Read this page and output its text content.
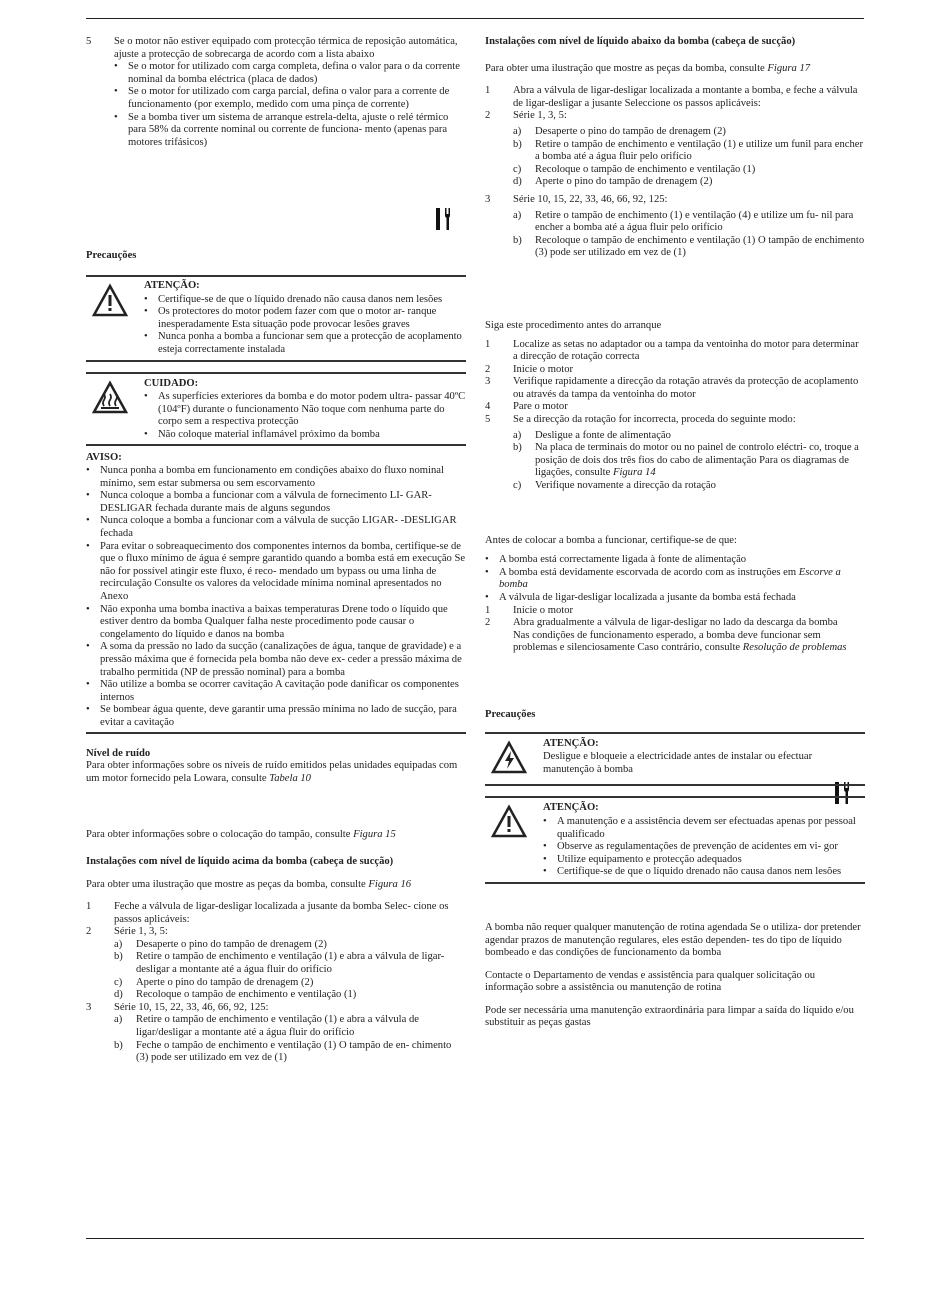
5 Se o motor não estiver equipado com protecção térmica de reposição automática, ajuste a protecção de sobrecarga de acordo com a lista abaixo

• Se o motor for utilizado com carga completa, defina o valor para o da corrente nominal da bomba eléctrica (placa de dados)
• Se o motor for utilizado com carga parcial, defina o valor para a corrente de funcionamento (por exemplo, medido com uma pinça de corrente)
• Se a bomba tiver um sistema de arranque estrela-delta, ajuste o relé térmico para 58% da corrente nominal ou corrente de funciona- mento (apenas para motores trifásicos)

Precauções

ATENÇÃO:

• Certifique-se de que o líquido drenado não causa danos nem lesões
• Os protectores do motor podem fazer com que o motor ar- ranque inesperadamente Esta situação pode provocar lesões graves
• Nunca ponha a bomba a funcionar sem que a protecção de acoplamento esteja correctamente instalada

CUIDADO:

• As superfícies exteriores da bomba e do motor podem ultra- passar 40ºC (104ºF) durante o funcionamento Não toque com nenhuma parte do corpo sem a respectiva protecção
• Não coloque material inflamável próximo da bomba

AVISO:

• Nunca ponha a bomba em funcionamento em condições abaixo do fluxo nominal mínimo, sem estar submersa ou sem escorvamento
• Nunca coloque a bomba a funcionar com a válvula de fornecimento LI- GAR-DESLIGAR fechada durante mais de alguns segundos
• Nunca coloque a bomba a funcionar com a válvula de sucção LIGAR- -DESLIGAR fechada
• Para evitar o sobreaquecimento dos componentes internos da bomba, certifique-se de que o fluxo mínimo de água é sempre garantido quando a bomba está em execução Se não for possível atingir este fluxo, é reco- mendado um bypass ou uma linha de recirculação Consulte os valores da velocidade mínima nominal apresentados no Anexo
• Não exponha uma bomba inactiva a baixas temperaturas Drene todo o líquido que estiver dentro da bomba Qualquer falha neste procedimento pode causar o congelamento do líquido e danos na bomba
• A soma da pressão no lado da sucção (canalizações de água, tanque de gravidade) e a pressão máxima que é fornecida pela bomba não deve ex- ceder a pressão máxima de trabalho permitida (NP de pressão nominal) para a bomba
• Não utilize a bomba se ocorrer cavitação A cavitação pode danificar os componentes internos
• Se bombear água quente, deve garantir uma pressão mínima no lado de sucção, para evitar a cavitação

Nível de ruído

Para obter informações sobre os níveis de ruído emitidos pelas unidades equipadas com um motor fornecido pela Lowara, consulte Tabela 10

Para obter informações sobre o colocação do tampão, consulte Figura 15

Instalações com nível de líquido acima da bomba (cabeça de sucção)

Para obter uma ilustração que mostre as peças da bomba, consulte Figura 16

1 Feche a válvula de ligar-desligar localizada a jusante da bomba Selec- cione os passos aplicáveis:

2 Série 1, 3, 5:

a) Desaperte o pino do tampão de drenagem (2)

b) Retire o tampão de enchimento e ventilação (1) e abra a válvula de ligar-desligar a montante até a água fluir do orifício

c) Aperte o pino do tampão de drenagem (2)

d) Recoloque o tampão de enchimento e ventilação (1)

3 Série 10, 15, 22, 33, 46, 66, 92, 125:

a) Retire o tampão de enchimento e ventilação (1) e abra a válvula de ligar/desligar a montante até a água fluir do orifício

b) Feche o tampão de enchimento e ventilação (1) O tampão de en- chimento (3) pode ser utilizado em vez de (1)

Instalações com nível de líquido abaixo da bomba (cabeça de sucção)

Para obter uma ilustração que mostre as peças da bomba, consulte Figura 17

1 Abra a válvula de ligar-desligar localizada a montante a bomba, e feche a válvula de ligar-desligar a jusante Seleccione os passos aplicáveis:

2 Série 1, 3, 5:

a) Desaperte o pino do tampão de drenagem (2)

b) Retire o tampão de enchimento e ventilação (1) e utilize um funil para encher a bomba até a água fluir pelo orifício

c) Recoloque o tampão de enchimento e ventilação (1)

d) Aperte o pino do tampão de drenagem (2)

3 Série 10, 15, 22, 33, 46, 66, 92, 125:

a) Retire o tampão de enchimento (1) e ventilação (4) e utilize um fu- nil para encher a bomba até a água fluir pelo orifício

b) Recoloque o tampão de enchimento e ventilação (1) O tampão de enchimento (3) pode ser utilizado em vez de (1)

Siga este procedimento antes do arranque

1 Localize as setas no adaptador ou a tampa da ventoinha do motor para determinar a direcção de rotação correcta

2 Inicie o motor

3 Verifique rapidamente a direcção da rotação através da protecção de acoplamento ou através da tampa da ventoinha do motor

4 Pare o motor

5 Se a direcção da rotação for incorrecta, proceda do seguinte modo:

a) Desligue a fonte de alimentação

b) Na placa de terminais do motor ou no painel de controlo eléctri- co, troque a posição de dois dos três fios do cabo de alimentação Para os diagramas de ligações, consulte Figura 14

c) Verifique novamente a direcção da rotação

Antes de colocar a bomba a funcionar, certifique-se de que:

• A bomba está correctamente ligada à fonte de alimentação
• A bomba está devidamente escorvada de acordo com as instruções em Escorve a bomba
• A válvula de ligar-desligar localizada a jusante da bomba está fechada
1 Inicie o motor

2 Abra gradualmente a válvula de ligar-desligar no lado da descarga da bomba

Nas condições de funcionamento esperado, a bomba deve funcionar sem problemas e silenciosamente Caso contrário, consulte Resolução de problemas

Precauções

ATENÇÃO:

Desligue e bloqueie a electricidade antes de instalar ou efectuar manutenção à bomba

ATENÇÃO:

• A manutenção e a assistência devem ser efectuadas apenas por pessoal qualificado
• Observe as regulamentações de prevenção de acidentes em vi- gor
• Utilize equipamento e protecção adequados
• Certifique-se de que o líquido drenado não causa danos nem lesões

A bomba não requer qualquer manutenção de rotina agendada Se o utiliza- dor pretender agendar prazos de manutenção regulares, eles estão dependen- tes do tipo de líquido bombeado e das condições de funcionamento da bomba

Contacte o Departamento de vendas e assistência para qualquer solicitação ou informação sobre a assistência ou manutenção de rotina

Pode ser necessária uma manutenção extraordinária para limpar a saída do líquido e/ou substituir as peças gastas
